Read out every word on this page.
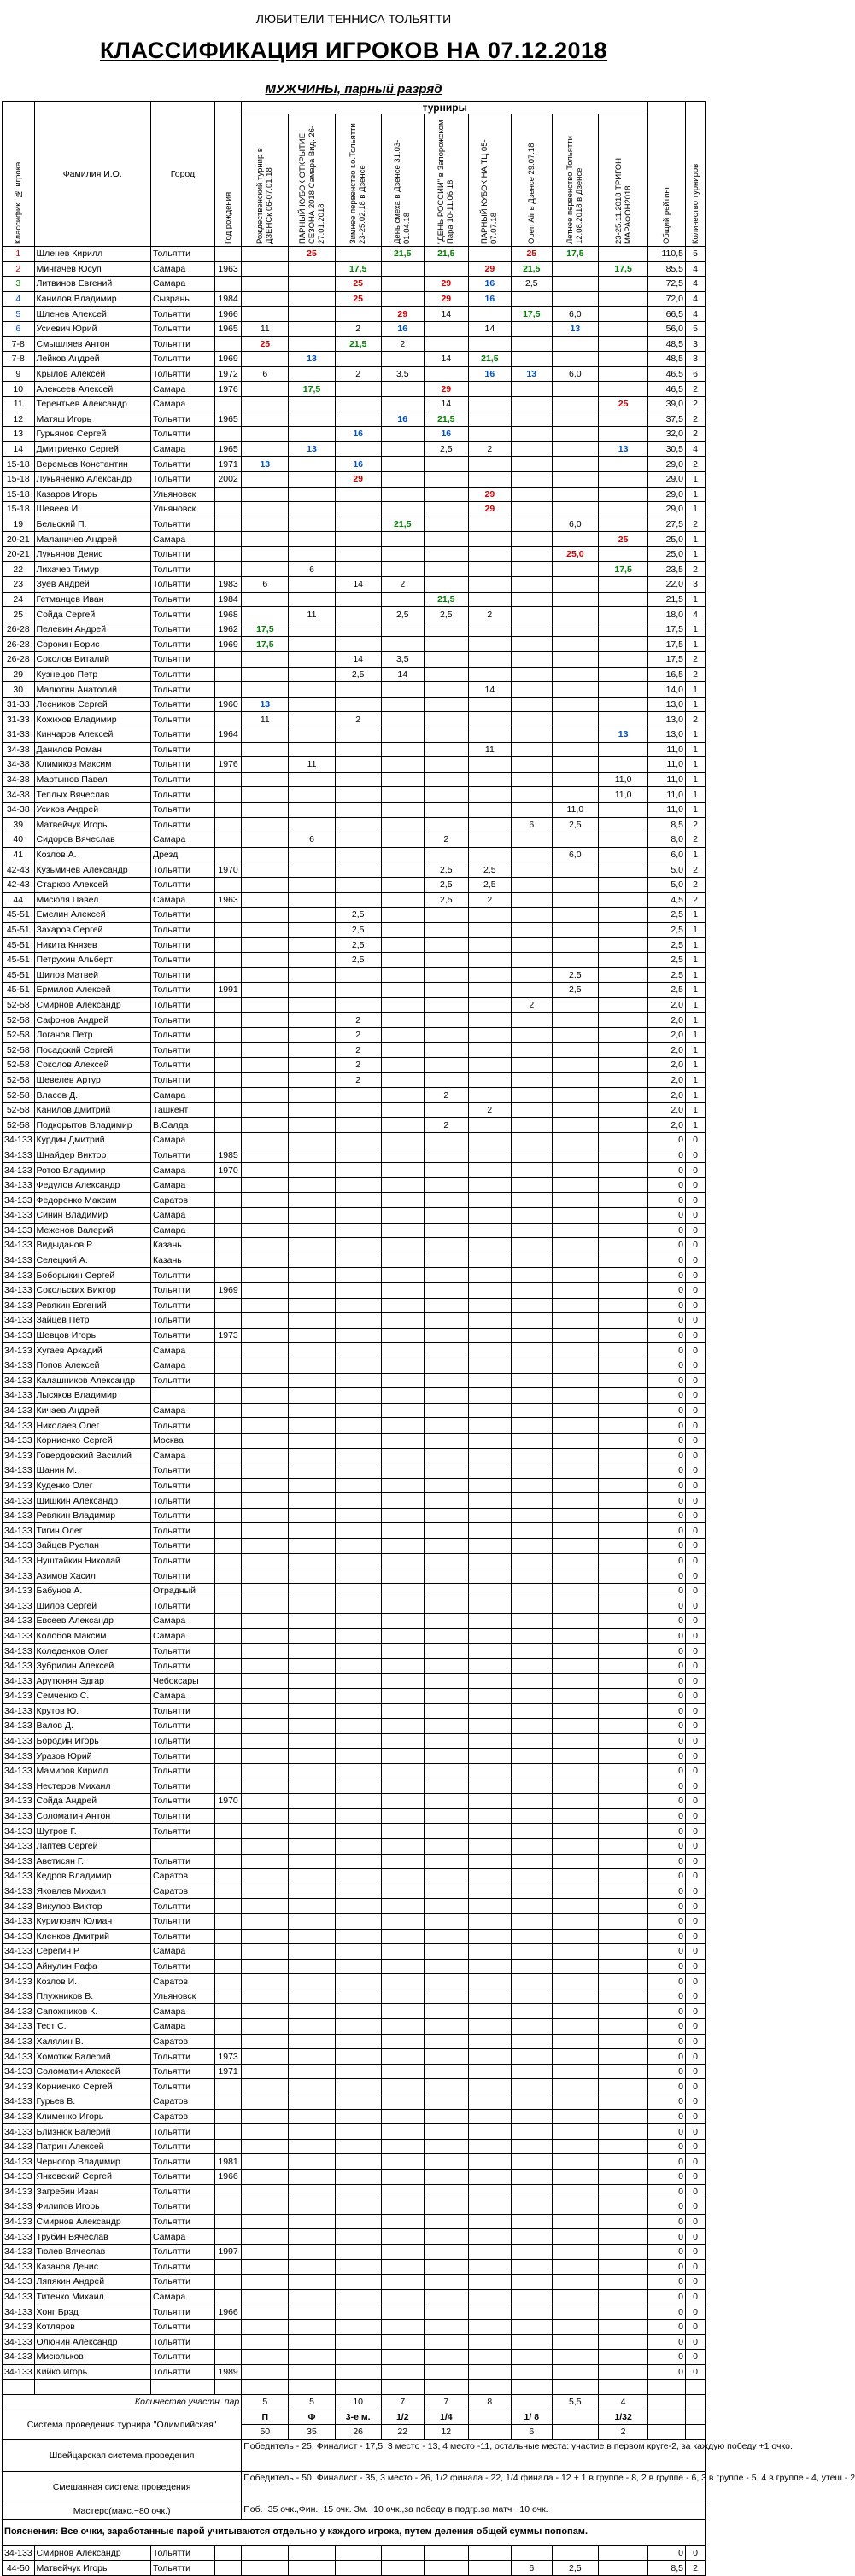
ЛЮБИТЕЛИ ТЕННИСА ТОЛЬЯТТИ
КЛАССИФИКАЦИЯ ИГРОКОВ НА 07.12.2018
МУЖЧИНЫ, парный разряд
Классифик. № игрока	Фамилия И.О.	Город	Год рождения	турниры									Общий рейтинг	Количество турниров

				Рождественский турнир в ДЗЕНСк 06-07.01.18	ПАРНЫЙ КУБОК ОТКРЫТИЕ СЕЗОНА 2018 Самара Вид. 26-27.01.2018	Зимнее первенство г.о.Тольятти 23-25.02.18 в Дзенсе	День смеха в Дзенсе 31.03-01.04.18	"ДЕНЬ РОССИИ" в Запорожском Пара 10-11.06.18	ПАРНЫЙ КУБОК НА ТЦ 05-07.07.18	Open Air в Дзенсе 29.07.18	Летнее первенство Тольятти 12.08.2018 в Дзенсе	23-25.11.2018 ТРИГОН МАРАФОН2018		

1	Шленев Кирилл	Тольятти			25		21,5	21,5		25	17,5		110,5	5
2	Мингачев Юсуп	Самара	1963			17,5			29	21,5		17,5	85,5	4
3	Литвинов Евгений	Самара				25		29	16	2,5			72,5	4
4	Канилов Владимир	Сызрань	1984			25		29	16				72,0	4
5	Шленев Алексей	Тольятти	1966				29	14		17,5	6,0		66,5	4
6	Усиевич Юрий	Тольятти	1965	11		2	16		14		13		56,0	5
7-8	Смышляев Антон	Тольятти		25		21,5	2						48,5	3
7-8	Лейков Андрей	Тольятти	1969		13			14	21,5				48,5	3
9	Крылов Алексей	Тольятти	1972	6		2	3,5		16	13	6,0		46,5	6
10	Алексеев Алексей	Самара	1976		17,5			29					46,5	2
11	Терентьев Александр	Самара						14				25	39,0	2
12	Матяш Игорь	Тольятти	1965				16	21,5					37,5	2
13	Гурьянов Сергей	Тольятти				16		16					32,0	2
14	Дмитриенко Сергей	Самара	1965		13			2,5	2			13	30,5	4
15-18	Веремьев Константин	Тольятти	1971	13		16							29,0	2
15-18	Лукьяненко Александр	Тольятти	2002			29							29,0	1
15-18	Казаров Игорь	Ульяновск							29				29,0	1
15-18	Шевеев И.	Ульяновск							29				29,0	1
19	Бельский П.	Тольятти					21,5				6,0		27,5	2
20-21	Маланичев Андрей	Самара										25	25,0	1
20-21	Лукьянов Денис	Тольятти									25,0		25,0	1
22	Лихачев Тимур	Тольятти			6							17,5	23,5	2
23	Зуев Андрей	Тольятти	1983	6		14	2						22,0	3
24	Гетманцев Иван	Тольятти	1984					21,5					21,5	1
25	Сойда Сергей	Тольятти	1968		11		2,5	2,5	2				18,0	4
26-28	Пелевин Андрей	Тольятти	1962	17,5									17,5	1
26-28	Сорокин Борис	Тольятти	1969	17,5									17,5	1
26-28	Соколов Виталий	Тольятти				14	3,5						17,5	2
29	Кузнецов Петр	Тольятти				2,5	14						16,5	2
30	Малютин Анатолий	Тольятти							14				14,0	1
31-33	Лесников Сергей	Тольятти	1960	13									13,0	1
31-33	Кожихов Владимир	Тольятти		11		2							13,0	2
31-33	Кинчаров Алексей	Тольятти	1964									13	13,0	1
34-38	Данилов Роман	Тольятти							11				11,0	1
34-38	Климиков Максим	Тольятти	1976		11								11,0	1
34-38	Мартынов Павел	Тольятти										11,0	11,0	1
34-38	Теплых Вячеслав	Тольятти										11,0	11,0	1
34-38	Усиков Андрей	Тольятти									11,0		11,0	1
39	Матвейчук Игорь	Тольятти								6	2,5		8,5	2
40	Сидоров Вячеслав	Самара			6			2					8,0	2
41	Козлов А.	Дрезд									6,0		6,0	1
42-43	Кузьмичев Александр	Тольятти	1970					2,5	2,5				5,0	2
42-43	Старков Алексей	Тольятти						2,5	2,5				5,0	2
44	Мисюля Павел	Самара	1963					2,5	2				4,5	2
45-51	Емелин Алексей	Тольятти				2,5							2,5	1
45-51	Захаров Сергей	Тольятти				2,5							2,5	1
45-51	Никита Князев	Тольятти				2,5							2,5	1
45-51	Петрухин Альберт	Тольятти				2,5							2,5	1
45-51	Шилов Матвей	Тольятти									2,5		2,5	1
45-51	Ермилов Алексей	Тольятти	1991								2,5		2,5	1
52-58	Смирнов Александр	Тольятти								2			2,0	1
52-58	Сафонов Андрей	Тольятти				2							2,0	1
52-58	Логанов Петр	Тольятти				2							2,0	1
52-58	Посадский Сергей	Тольятти				2							2,0	1
52-58	Соколов Алексей	Тольятти				2							2,0	1
52-58	Шевелев Артур	Тольятти				2							2,0	1
52-58	Власов Д.	Самара						2					2,0	1
52-58	Канилов Дмитрий	Ташкент							2				2,0	1
52-58	Подкорытов Владимир	В.Салда						2					2,0	1
34-133	Курдин Дмитрий	Самара											0	0
34-133	Шнайдер Виктор	Тольятти	1985										0	0
34-133	Ротов Владимир	Самара	1970										0	0
34-133	Федулов Александр	Самара											0	0
34-133	Федоренко Максим	Саратов											0	0
34-133	Синин Владимир	Самара											0	0
34-133	Меженов Валерий	Самара											0	0
34-133	Видыданов Р.	Казань											0	0
34-133	Селецкий А.	Казань											0	0
34-133	Боборыкин Сергей	Тольятти											0	0
34-133	Сокольских Виктор	Тольятти	1969										0	0
34-133	Ревякин Евгений	Тольятти											0	0
34-133	Зайцев Петр	Тольятти											0	0
34-133	Шевцов Игорь	Тольятти	1973										0	0
34-133	Хугаев Аркадий	Самара											0	0
34-133	Попов Алексей	Самара											0	0
34-133	Калашников Александр	Тольятти											0	0
34-133	Лысяков Владимир												0	0
34-133	Кичаев Андрей	Самара											0	0
34-133	Николаев Олег	Тольятти											0	0
34-133	Корниенко Сергей	Москва											0	0
34-133	Говердовский Василий	Самара											0	0
34-133	Шанин М.	Тольятти											0	0
34-133	Куденко Олег	Тольятти											0	0
34-133	Шишкин Александр	Тольятти											0	0
34-133	Ревякин Владимир	Тольятти											0	0
34-133	Тигин Олег	Тольятти											0	0
34-133	Зайцев Руслан	Тольятти											0	0
34-133	Нуштайкин Николай	Тольятти											0	0
34-133	Азимов Хасил	Тольятти											0	0
34-133	Бабунов А.	Отрадный											0	0
34-133	Шилов Сергей	Тольятти											0	0
34-133	Евсеев Александр	Самара											0	0
34-133	Колобов Максим	Самара											0	0
34-133	Коледенков Олег	Тольятти											0	0
34-133	Зубрилин Алексей	Тольятти											0	0
34-133	Арутюнян Эдгар	Чебоксары											0	0
34-133	Семченко С.	Самара											0	0
34-133	Крутов Ю.	Тольятти											0	0
34-133	Валов Д.	Тольятти											0	0
34-133	Бородин Игорь	Тольятти											0	0
34-133	Уразов Юрий	Тольятти											0	0
34-133	Мамиров Кирилл	Тольятти											0	0
34-133	Нестеров Михаил	Тольятти											0	0
34-133	Сойда Андрей	Тольятти	1970										0	0
34-133	Соломатин Антон	Тольятти											0	0
34-133	Шутров Г.	Тольятти											0	0
34-133	Лаптев Сергей												0	0
34-133	Аветисян Г.	Тольятти											0	0
34-133	Кедров Владимир	Саратов											0	0
34-133	Яковлев Михаил	Саратов											0	0
34-133	Викулов Виктор	Тольятти											0	0
34-133	Курилович Юлиан	Тольятти											0	0
34-133	Кленков Дмитрий	Тольятти											0	0
34-133	Серегин Р.	Самара											0	0
34-133	Айнулин Рафа	Тольятти											0	0
34-133	Козлов И.	Саратов											0	0
34-133	Плужников В.	Ульяновск											0	0
34-133	Сапожников К.	Самара											0	0
34-133	Тест С.	Самара											0	0
34-133	Халялин В.	Саратов											0	0
34-133	Хомоткж Валерий	Тольятти	1973										0	0
34-133	Соломатин Алексей	Тольятти	1971										0	0
34-133	Корниенко Сергей	Тольятти											0	0
34-133	Гурьев В.	Саратов											0	0
34-133	Клименко Игорь	Саратов											0	0
34-133	Близнюк Валерий	Тольятти											0	0
34-133	Патрин Алексей	Тольятти											0	0
34-133	Черногор Владимир	Тольятти	1981										0	0
34-133	Янковский Сергей	Тольятти	1966										0	0
34-133	Загребин Иван	Тольятти											0	0
34-133	Филипов Игорь	Тольятти											0	0
34-133	Смирнов Александр	Тольятти											0	0
34-133	Трубин Вячеслав	Самара											0	0
34-133	Тюлев Вячеслав	Тольятти	1997										0	0
34-133	Казанов Денис	Тольятти											0	0
34-133	Ляпякин Андрей	Тольятти											0	0
34-133	Титенко Михаил	Самара											0	0
34-133	Хонг Брэд	Тольятти	1966										0	0
34-133	Котляров	Тольятти											0	0
34-133	Олюнин Александр	Тольятти											0	0
34-133	Мисюльков	Тольятти											0	0
34-133	Кийко Игорь	Тольятти	1989										0	0

Количество участн. пар				5	5	10	7	7	8		5,5	4		
Система проведения турнира "Олимпийская"				П	Ф	3-е м.	1/2	1/4		1/ 8		1/32		
				50	35	26	22	12		6		2		
Швейцарская система проведения				Победитель - 25, Финалист - 17,5, 3 место - 13, 4 место -11, остальные места: участие в первом круге-2, за каждую победу +1 очко.										
Смешанная система проведения				Победитель - 50, Финалист - 35, 3 место - 26, 1/2 финала - 22, 1/4 финала - 12 + 1 в группе - 8, 2 в группе - 6, 3 в группе - 5, 4 в группе - 4, утеш.- 2										
Мастерс(макс.~80 очк.)				Поб.~35 очк.,Фин.~15 очк. Зм.~10 очк.,за победу в подгр.за матч ~10 очк.										
Пояснения: Все очки, заработанные парой учитываются отдельно у каждого игрока, путем деления общей суммы попопам.														
34-133	Смирнов Александр	Тольятти											0	0
44-50	Матвейчук Игорь	Тольятти								6	2,5		8,5	2
